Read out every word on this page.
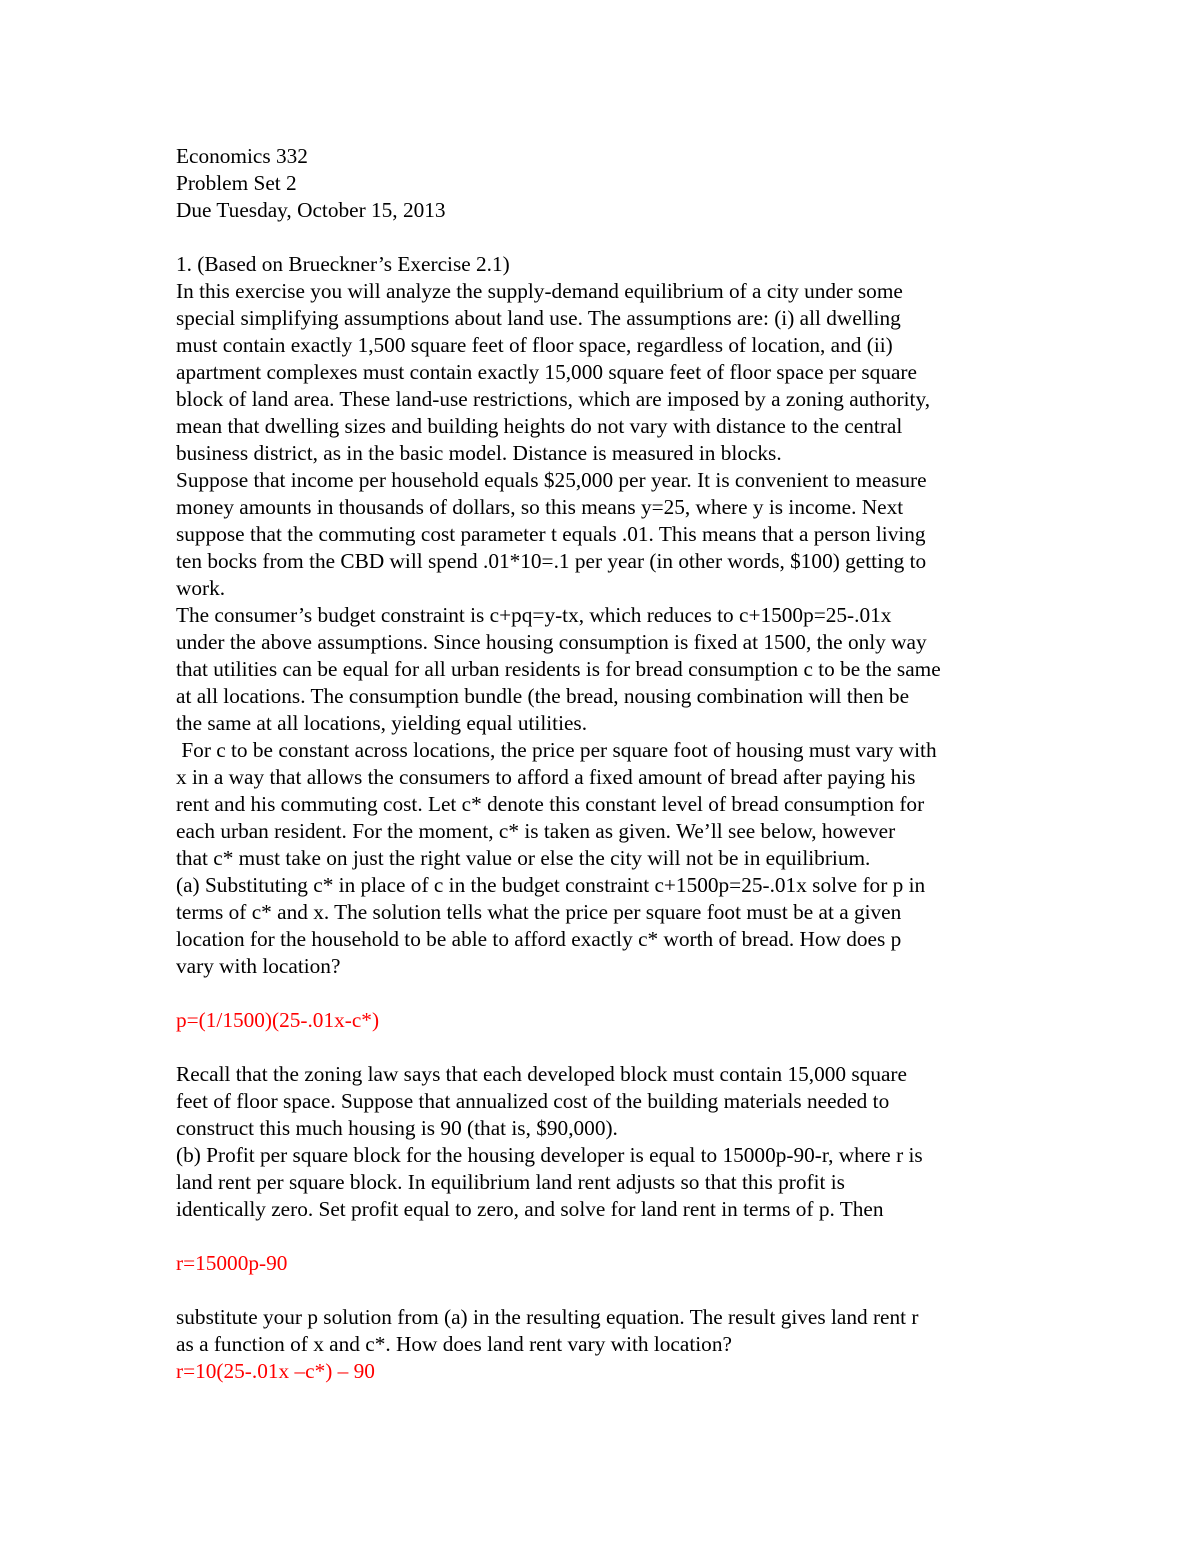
Economics 332
Problem Set 2
Due Tuesday, October 15, 2013
1. (Based on Brueckner’s Exercise 2.1)
In this exercise you will analyze the supply-demand equilibrium of a city under some
special simplifying assumptions about land use. The assumptions are: (i) all dwelling
must contain exactly 1,500 square feet of floor space, regardless of location, and (ii)
apartment complexes must contain exactly 15,000 square feet of floor space per square
block of land area. These land-use restrictions, which are imposed by a zoning authority,
mean that dwelling sizes and building heights do not vary with distance to the central
business district, as in the basic model. Distance is measured in blocks.
Suppose that income per household equals $25,000 per year. It is convenient to measure
money amounts in thousands of dollars, so this means y=25, where y is income. Next
suppose that the commuting cost parameter t equals .01. This means that a person living
ten bocks from the CBD will spend .01*10=.1 per year (in other words, $100) getting to
work.
The consumer’s budget constraint is c+pq=y-tx, which reduces to c+1500p=25-.01x
under the above assumptions. Since housing consumption is fixed at 1500, the only way
that utilities can be equal for all urban residents is for bread consumption c to be the same
at all locations. The consumption bundle (the bread, nousing combination will then be
the same at all locations, yielding equal utilities.
For c to be constant across locations, the price per square foot of housing must vary with
x in a way that allows the consumers to afford a fixed amount of bread after paying his
rent and his commuting cost. Let c* denote this constant level of bread consumption for
each urban resident. For the moment, c* is taken as given. We’ll see below, however
that c* must take on just the right value or else the city will not be in equilibrium.
(a) Substituting c* in place of c in the budget constraint c+1500p=25-.01x solve for p in
terms of c* and x. The solution tells what the price per square foot must be at a given
location for the household to be able to afford exactly c* worth of bread. How does p
vary with location?
p=(1/1500)(25-.01x-c*)
Recall that the zoning law says that each developed block must contain 15,000 square
feet of floor space. Suppose that annualized cost of the building materials needed to
construct this much housing is 90 (that is, $90,000).
(b) Profit per square block for the housing developer is equal to 15000p-90-r, where r is
land rent per square block. In equilibrium land rent adjusts so that this profit is
identically zero. Set profit equal to zero, and solve for land rent in terms of p. Then
r=15000p-90
substitute your p solution from (a) in the resulting equation. The result gives land rent r
as a function of x and c*. How does land rent vary with location?
r=10(25-.01x –c*) – 90
